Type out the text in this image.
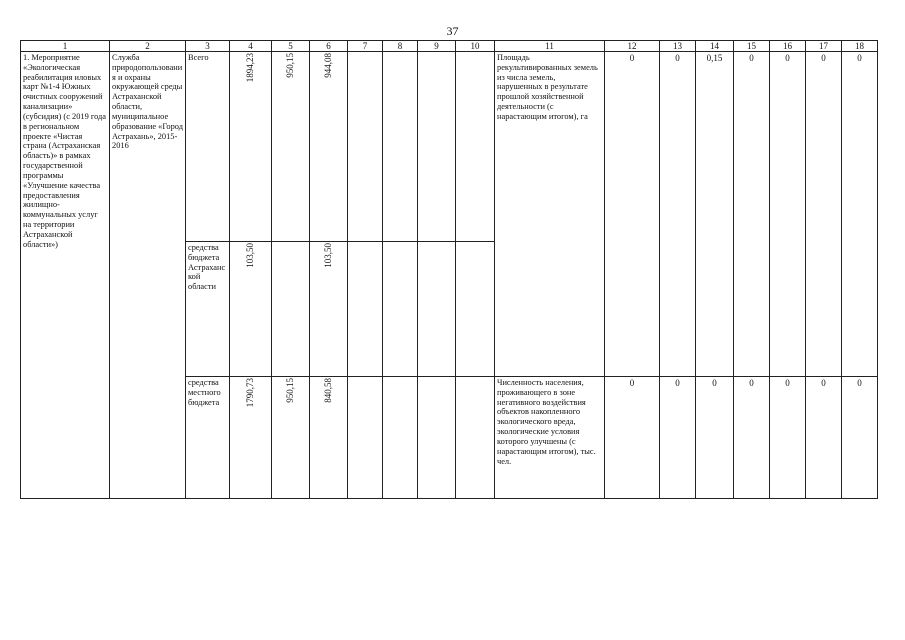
37
1	2	3	4	5	6	7	8	9	10	11	12	13	14	15	16	17	18
1. Мероприятие «Экологическая реабилитация иловых карт №1-4 Южных очистных сооружений канализации» (субсидия) (с 2019 года в региональном проекте «Чистая страна (Астраханская область)» в рамках государственной программы «Улучшение качества предоставления жилищно-коммунальных услуг на территории Астраханской области»)	Служба природопользования и охраны окружающей среды Астраханской области, муниципальное образование «Город Астрахань», 2015-2016	Всего	1894,23	950,15	944,08					Площадь рекультивированных земель из числа земель, нарушенных в результате прошлой хозяйственной деятельности (с нарастающим итогом), га	0	0	0,15	0	0	0	0
		средства бюджета Астраханской области	103,50		103,50												
		средства местного бюджета	1790,73	950,15	840,58					Численность населения, проживающего в зоне негативного воздействия объектов накопленного экологического вреда, экологические условия которого улучшены (с нарастающим итогом), тыс. чел.	0	0	0	0	0	0	0
